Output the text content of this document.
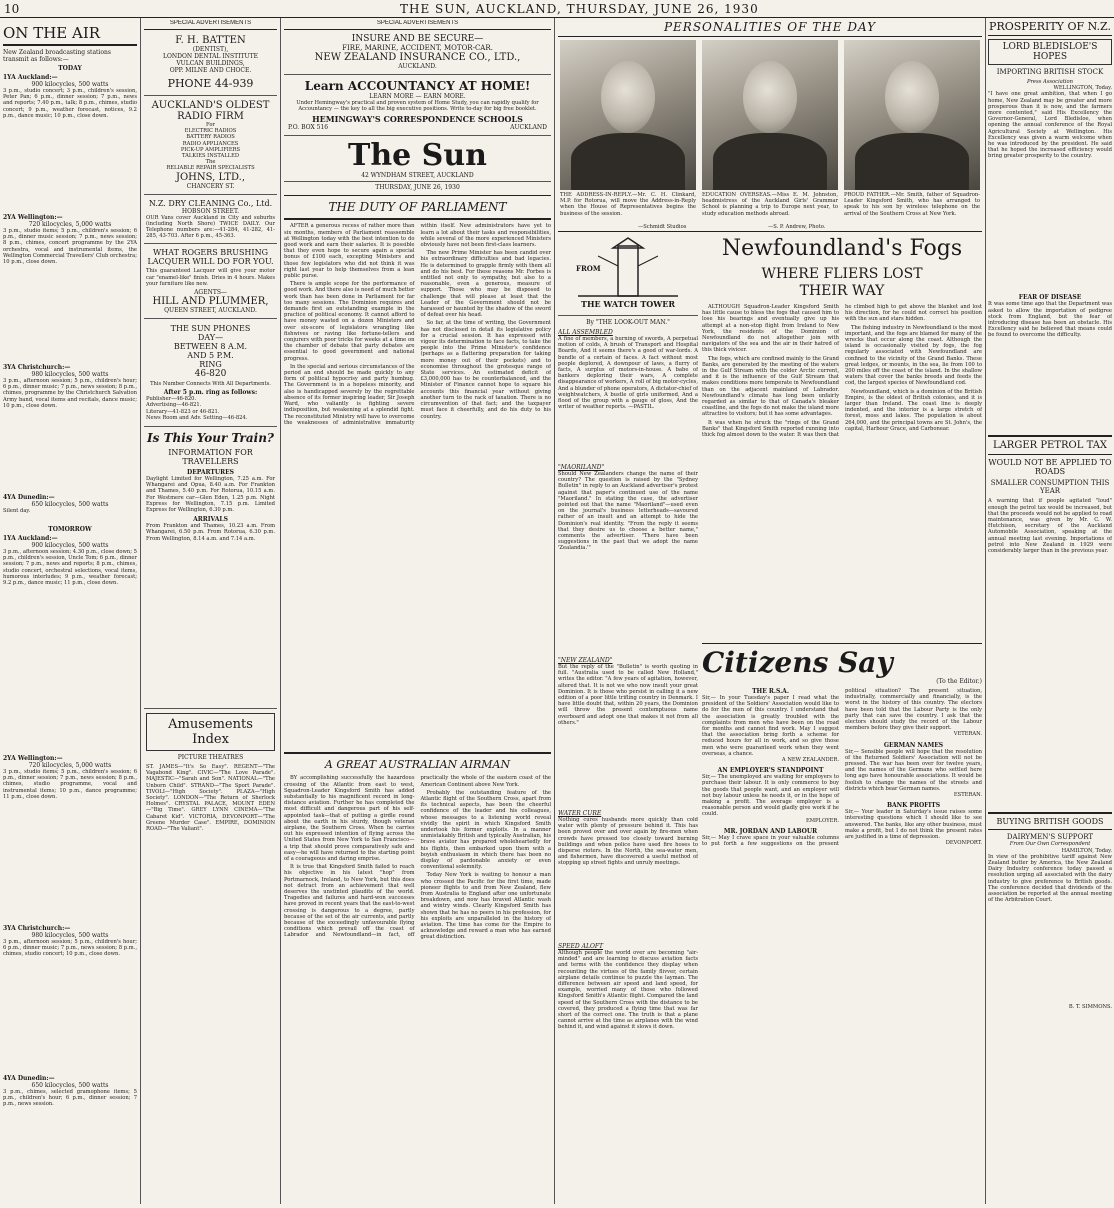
10	THE SUN, AUCKLAND, THURSDAY, JUNE 26, 1930
ON THE AIR
New Zealand broadcasting stations transmit as follows:—
TODAY
1YA Auckland:—
900 kilocycles, 500 watts
3 p.m., studio concert; 3 p.m., children's session, Peter Pan; 6 p.m., dinner session; 7 p.m., news and reports; 7.40 p.m., talk; 8 p.m., chimes, studio concert; 9 p.m., weather forecast, notices, 9.2 p.m., dance music; 10 p.m., close down.
2YA Wellington:—
720 kilocycles, 5,000 watts
3 p.m., studio items; 5 p.m., children's session; 6 p.m., dinner music session; 7 p.m., news session; 8 p.m., chimes, concert programme by the 2YA orchestra, vocal and instrumental items, the Wellington Commercial Travellers' Club orchestra; 10 p.m., close down.
3YA Christchurch:—
980 kilocycles, 500 watts
3 p.m., afternoon session; 5 p.m., children's hour; 6 p.m., dinner music; 7 p.m., news session; 8 p.m., chimes, programme by the Christchurch Salvation Army band, vocal items and recitals, dance music; 10 p.m., close down.
4YA Dunedin:—
650 kilocycles, 500 watts
Silent day.
TOMORROW
1YA Auckland:—
900 kilocycles, 500 watts
3 p.m., afternoon session; 4.30 p.m., close down; 5 p.m., children's session, Uncle Tom; 6 p.m., dinner session; 7 p.m., news and reports; 8 p.m., chimes, studio concert, orchestral selections, vocal items, humorous interludes; 9 p.m., weather forecast; 9.2 p.m., dance music; 11 p.m., close down.
2YA Wellington:—
720 kilocycles, 5,000 watts
3 p.m., studio items; 5 p.m., children's session; 6 p.m., dinner session; 7 p.m., news session; 8 p.m., chimes, studio programme, vocal and instrumental items; 10 p.m., dance programme; 11 p.m., close down.
3YA Christchurch:—
980 kilocycles, 500 watts
3 p.m., afternoon session; 5 p.m., children's hour; 6 p.m., dinner music; 7 p.m., news session; 8 p.m., chimes, studio concert; 10 p.m., close down.
4YA Dunedin:—
650 kilocycles, 500 watts
3 p.m., chimes, selected gramophone items; 5 p.m., children's hour; 6 p.m., dinner session; 7 p.m., news session.
SPECIAL ADVERTISEMENTS
F. H. BATTEN
(DENTIST),
LONDON DENTAL INSTITUTE
VULCAN BUILDINGS,
OPP. MILNE AND CHOCE.
PHONE 44-939
AUCKLAND'S OLDEST RADIO FIRM
For
ELECTRIC RADIOS
BATTERY RADIOS
RADIO APPLIANCES
PICK-UP AMPLIFIERS
TALKIES INSTALLED
The
RELIABLE REPAIR SPECIALISTS
JOHNS, LTD.,
CHANCERY ST.
N.Z. DRY CLEANING Co., Ltd.
HOBSON STREET.
OUR Vans cover Auckland in City and suburbs (including North Shore) TWICE DAILY. Our Telephone numbers are:—41-284, 41-282, 41-285, 43-703. After 6 p.m., 45-363.
WHAT ROGERS BRUSHING LACQUER WILL DO FOR YOU.
This guaranteed Lacquer will give your motor car "enamel-like" finish. Dries in 4 hours. Makes your furniture like new.
AGENTS—
HILL AND PLUMMER,
QUEEN STREET, AUCKLAND.
THE SUN PHONES
DAY—
BETWEEN 8 A.M.
AND 5 P.M.
RING
46-820
This Number Connects With All Departments.
After 5 p.m. ring as follows:
Publisher—46-820.
Advertising—46-821.
Literary—41-823 or 46-821.
News Room and Adv. Setting—46-824.
Is This Your Train?
INFORMATION FOR TRAVELLERS
DEPARTURES
Daylight Limited for Wellington, 7.25 a.m. For Whangarei and Opua, 8.40 a.m. For Frankton and Thames, 5.40 p.m. For Rotorua, 10.15 a.m. For Westmere car—Glen Eden, 1.25 p.m. Night Express for Wellington, 7.15 p.m. Limited Express for Wellington, 6.30 p.m.
ARRIVALS
From Frankton and Thames, 10.23 a.m. From Whangarei, 6.50 p.m. From Rotorua, 6.30 p.m. From Wellington, 8.14 a.m. and 7.14 a.m.
Amusements Index
PICTURE THEATRES
ST. JAMES—"It's So Easy". REGENT—"The Vagabond King". CIVIC—"The Love Parade". MAJESTIC—"Sarah and Son". NATIONAL—"The Unborn Child". STRAND—"The Sport Parade". TIVOLI—"High Society". PLAZA—"High Society". LONDON—"The Return of Sherlock Holmes". CRYSTAL PALACE, MOUNT EDEN—"Big Time". GREY LYNN CINEMA—"The Cabaret Kid". VICTORIA, DEVONPORT—"The Greene Murder Case". EMPIRE, DOMINION ROAD—"The Valiant".
SPECIAL ADVERTISEMENTS
INSURE AND BE SECURE—
FIRE, MARINE, ACCIDENT, MOTOR-CAR.
NEW ZEALAND INSURANCE CO., LTD.,
AUCKLAND.
Learn ACCOUNTANCY AT HOME!
LEARN MORE — EARN MORE.
Under Hemingway's practical and proven system of Home Study, you can rapidly qualify for Accountancy — the key to all the big executive positions. Write to-day for big free booklet.
HEMINGWAY'S CORRESPONDENCE SCHOOLS
P.O. BOX 516	AUCKLAND
The Sun
42 WYNDHAM STREET, AUCKLAND
THURSDAY, JUNE 26, 1930
THE DUTY OF PARLIAMENT

AFTER a generous recess of rather more than six months, members of Parliament reassemble at Wellington today with the best intention to do good work and earn their salaries. It is possible that they even hope to secure again a special bonus of £100 each, excepting Ministers and those few legislators who did not think it was right last year to help themselves from a lean public purse.

There is ample scope for the performance of good work. And there also is need of much better work than has been done in Parliament for far too many sessions. The Dominion requires and demands first an outstanding example in the practice of political economy. It cannot afford to have money wasted on a dozen Ministers and over six-score of legislators wrangling like fishwives or raving like fortune-tellers and conjurers with poor tricks for weeks at a time on the chamber of debate that party debates are essential to good government and national progress.

In the special and serious circumstances of the period an end should be made quickly to any form of political hypocrisy and party humbug. The Government is in a hopeless minority, and also is handicapped severely by the regrettable absence of its former inspiring leader, Sir Joseph Ward, who valiantly is fighting severe indisposition, but weakening at a splendid fight. The reconstituted Ministry will have to overcome the weaknesses of administrative immaturity within itself. New administrators have yet to learn a lot about their tasks and responsibilities, while several of the more experienced Ministers obviously have not been first-class learners.

The new Prime Minister has been candid over his extraordinary difficulties and bad legacies. He is determined to grapple firmly with them all and do his best. For these reasons Mr. Forbes is entitled not only to sympathy, but also to a reasonable, even a generous, measure of support. Those who may be disposed to challenge that will please at least that the Leader of the Government should not be harassed or haunted by the shadow of the sword of defeat over his head.

So far, at the time of writing, the Government has not disclosed in detail its legislative policy for a crucial session. It has expressed with vigour its determination to face facts, to take the people into the Prime Minister's confidence (perhaps as a flattering preparation for taking more money out of their pockets) and to economise throughout the grotesque range of State services. An estimated deficit of £3,000,000 has to be counterbalanced, and the Minister of Finance cannot hope to square his accounts this financial year without giving another turn to the rack of taxation. There is no circumvention of that fact; and the taxpayer must face it cheerfully, and do his duty to his country.

A GREAT AUSTRALIAN AIRMAN

BY accomplishing successfully the hazardous crossing of the Atlantic from east to west, Squadron-Leader Kingsford Smith has added substantially to his magnificent record in long-distance aviation. Further he has completed the most difficult and dangerous part of his self-appointed task—that of putting a girdle round about the earth in his sturdy, though veteran airplane, the Southern Cross. When he carries out his expressed intention of flying across the United States from New York to San Francisco—a trip that should prove comparatively safe and easy—he will have returned to the starting point of a courageous and daring emprise.

It is true that Kingsford Smith failed to reach his objective in his latest "hop" from Portmarnock, Ireland, to New York, but this does not detract from an achievement that well deserves the unstinted plaudits of the world. Tragedies and failures and hard-won successes have proved in recent years that the east-to-west crossing is dangerous to a degree, partly because of the set of the air currents, and partly because of the exceedingly unfavourable flying conditions which prevail off the coast of Labrador and Newfoundland—in fact, off practically the whole of the eastern coast of the American Continent above New York.

Probably the outstanding feature of the Atlantic flight of the Southern Cross, apart from its technical aspects, has been the cheerful confidence of the leader and his colleagues, whose messages to a listening world reveal vividly the spirit in which Kingsford Smith undertook his former exploits. In a manner unmistakably British and typically Australian, his brave aviator has prepared wholeheartedly for his flights, then embarked upon them with a boyish enthusiasm in which there has been no display of pardonable anxiety or even conventional solemnity.

Today New York is waiting to honour a man who crossed the Pacific for the first time, made pioneer flights to and from New Zealand, flew from Australia to England after one unfortunate breakdown, and now has braved Atlantic wash and wintry winds. Clearly Kingsford Smith has shown that he has no peers in his profession, for his exploits are unparalleled in the history of aviation. The time has come for the Empire to acknowledge and reward a man who has earned great distinction.

PERSONALITIES OF THE DAY
THE ADDRESS-IN-REPLY.—Mr. C. H. Clinkard, M.P. for Rotorua, will move the Address-in-Reply when the House of Representatives begins the business of the session.
EDUCATION OVERSEAS.—Miss E. M. Johnston, headmistress of the Auckland Girls' Grammar School is planning a trip to Europe next year, to study education methods abroad.
PROUD FATHER.—Mr. Smith, father of Squadron-Leader Kingsford Smith, who has arranged to speak to his son by wireless telephone on the arrival of the Southern Cross at New York.
—Schmidt Studios	—S. P. Andrew, Photo.
FROM
THE WATCH TOWER
By "THE LOOK-OUT MAN."
ALL ASSEMBLED
A fine of members, a burning of swords, A perpetual motion of colds, A brush of Transport and Hospital Boards, And it seems there's a good of war-lords. A bundle of a certain of faces. A fact without most people deplored, A downpour of laws, a flurry of facts, A surplus of motors-in-house. A babe of bankers deploring their wars, A complete disappearance of workers, A roll of big motor-cycles, And a blunder of phone operators, A dictator-chief of weightwatchers, A bustle of girls uniformed, And a flood of the group with a gauge of gloss, And the writer of weather reports. —PASTIL.
"MAORILAND"
Should New Zealanders change the name of their country? The question is raised by the "Sydney Bulletin" in reply to an Auckland advertiser's protest against that paper's continued use of the name "Maoriland." In stating the case, the advertiser pointed out that the name "Maoriland"—used even on the journal's business letterheads—savoured rather of an insult and an attempt to hide the Dominion's real identity. "From the reply it seems that they desire us to choose a better name," comments the advertiser. "There have been suggestions in the past that we adopt the name 'Zealandia.'"
"NEW ZEALAND"
But the reply of the "Bulletin" is worth quoting in full. "Australia used to be called New Holland," writes the editor. "A few years of agitation, however, altered that. It is not we who now insult your great Dominion. It is those who persist in calling it a new edition of a poor little trifling country in Denmark. I have little doubt that, within 20 years, the Dominion will throw the present contemptuous name overboard and adopt one that makes it not from all others."
WATER CURE
Nothing cures husbands more quickly than cold water with plenty of pressure behind it. This has been proved over and over again by fire-men when crowds have pressed too closely toward burning buildings and when police have used fire hoses to disperse rioters. In the North, the sea-water men, and fishermen, have discovered a useful method of stopping up street fights and unruly meetings.
SPEED ALOFT
Although people the world over are becoming "air-minded" and are learning to discuss aviation facts and terms with the confidence they display when recounting the virtues of the family flivver, certain airplane details continue to puzzle the layman. The difference between air speed and land speed, for example, worried many of those who followed Kingsford Smith's Atlantic flight. Compared the land speed of the Southern Cross with the distance to be covered, they produced a flying time that was far short of the correct one. The truth is that a plane cannot arrive at the time as airplanes with the wind behind it, and wind against it slows it down.
Newfoundland's Fogs
WHERE FLIERS LOST THEIR WAY

ALTHOUGH Squadron-Leader Kingsford Smith has little cause to bless the fogs that caused him to lose his bearings and eventually give up his attempt at a non-stop flight from Ireland to New York, the residents of the Dominion of Newfoundland do not altogether join with navigators of the sea and the air in their hatred of this thick vivicer.

The fogs, which are confined mainly to the Grand Banks, are generated by the meeting of the waters in the Gulf Stream with the colder Arctic current, and it is the influence of the Gulf Stream that makes conditions more temperate in Newfoundland than on the adjacent mainland of Labrador. Newfoundland's climate has long been unfairly regarded as similar to that of Canada's bleaker coastline, and the fogs do not make the island more attractive to visitors; but it has some advantages.

It was when he struck the "rings of the Grand Banks" that Kingsford Smith reported running into thick fog almost down to the water. It was then that he climbed high to get above the blanket and lost his direction, for he could not correct his position with the sun and stars hidden.

The fishing industry in Newfoundland is the most important, and the fogs are blamed for many of the wrecks that occur along the coast. Although the island is occasionally visited by fogs, the fog regularly associated with Newfoundland are confined to the vicinity of the Grand Banks. These great ledges, or mounts, in the sea, lie from 100 to 200 miles off the coast of the island. In the shallow waters that cover the banks breeds and feeds the cod, the largest species of Newfoundland cod.

Newfoundland, which is a dominion of the British Empire, is the oldest of British colonies, and it is larger than Ireland. The coast line is deeply indented, and the interior is a large stretch of forest, moss and lakes. The population is about 264,000, and the principal towns are St. John's, the capital, Harbour Grace, and Carbonear.

Citizens Say
(To the Editor.)
THE R.S.A.
Sir,— In your Tuesday's paper I read what the president of the Soldiers' Association would like to do for the men of this country. I understand that the association is greatly troubled with the complaints from men who have been on the road for months and cannot find work. May I suggest that the association bring forth a scheme for reduced hours for all in work, and so give those men who were guaranteed work when they went overseas, a chance.
A NEW ZEALANDER.
AN EMPLOYER'S STANDPOINT
Sir,— The unemployed are waiting for employers to purchase their labour. It is only commerce to buy the goods that people want, and an employer will not buy labour unless he needs it, or in the hope of making a profit. The average employer is a reasonable person and would gladly give work if he could.
EMPLOYER.
MR. JORDAN AND LABOUR
Sir,— May I crave space in your valuable columns to put forth a few suggestions on the present political situation? The present situation, industrially, commercially and financially, is the worst in the history of this country. The electors have been told that the Labour Party is the only party that can save the country. I ask that the electors should study the record of the Labour members before they give their support.
VETERAN.
GERMAN NAMES
Sir,— Sensible people will hope that the resolution of the Returned Soldiers' Association will not be pressed. The war has been over for twelve years, and the names of the Germans who settled here long ago have honourable associations. It would be foolish to change the names of the streets and districts which bear German names.
ESTERAN.
BANK PROFITS
Sir,— Your leader in Saturday's issue raises some interesting questions which I should like to see answered. The banks, like any other business, must make a profit, but I do not think the present rates are justified in a time of depression.
DEVONPORT.
PROSPERITY OF N.Z.
LORD BLEDISLOE'S HOPES
IMPORTING BRITISH STOCK
Press Association
WELLINGTON, Today.
"I have one great ambition, that when I go home, New Zealand may be greater and more prosperous than it is now, and the farmers more contented," said His Excellency the Governor-General, Lord Bledisloe, when opening the annual conference of the Royal Agricultural Society at Wellington. His Excellency was given a warm welcome when he was introduced by the president. He said that he hoped the increased efficiency would bring greater prosperity to the country.
FEAR OF DISEASE
It was some time ago that the Department was asked to allow the importation of pedigree stock from England, but the fear of introducing disease has been an obstacle. His Excellency said he believed that means could be found to overcome the difficulty.
LARGER PETROL TAX
WOULD NOT BE APPLIED TO ROADS
SMALLER CONSUMPTION THIS YEAR
A warning that if people agitated "loud" enough the petrol tax would be increased, but that the proceeds would not be applied to road maintenance, was given by Mr. C. W. Hutchison, secretary of the Auckland Automobile Association, speaking at the annual meeting last evening. Importations of petrol into New Zealand in 1929 were considerably larger than in the previous year.
BUYING BRITISH GOODS
DAIRYMEN'S SUPPORT
From Our Own Correspondent
HAMILTON, Today.
In view of the prohibitive tariff against New Zealand butter by America, the New Zealand Dairy Industry conference today passed a resolution urging all associated with the dairy industry to give preference to British goods. The conference decided that dividends of the association be reported at the annual meeting of the Arbitration Court.
B. T. SIMMONS.
